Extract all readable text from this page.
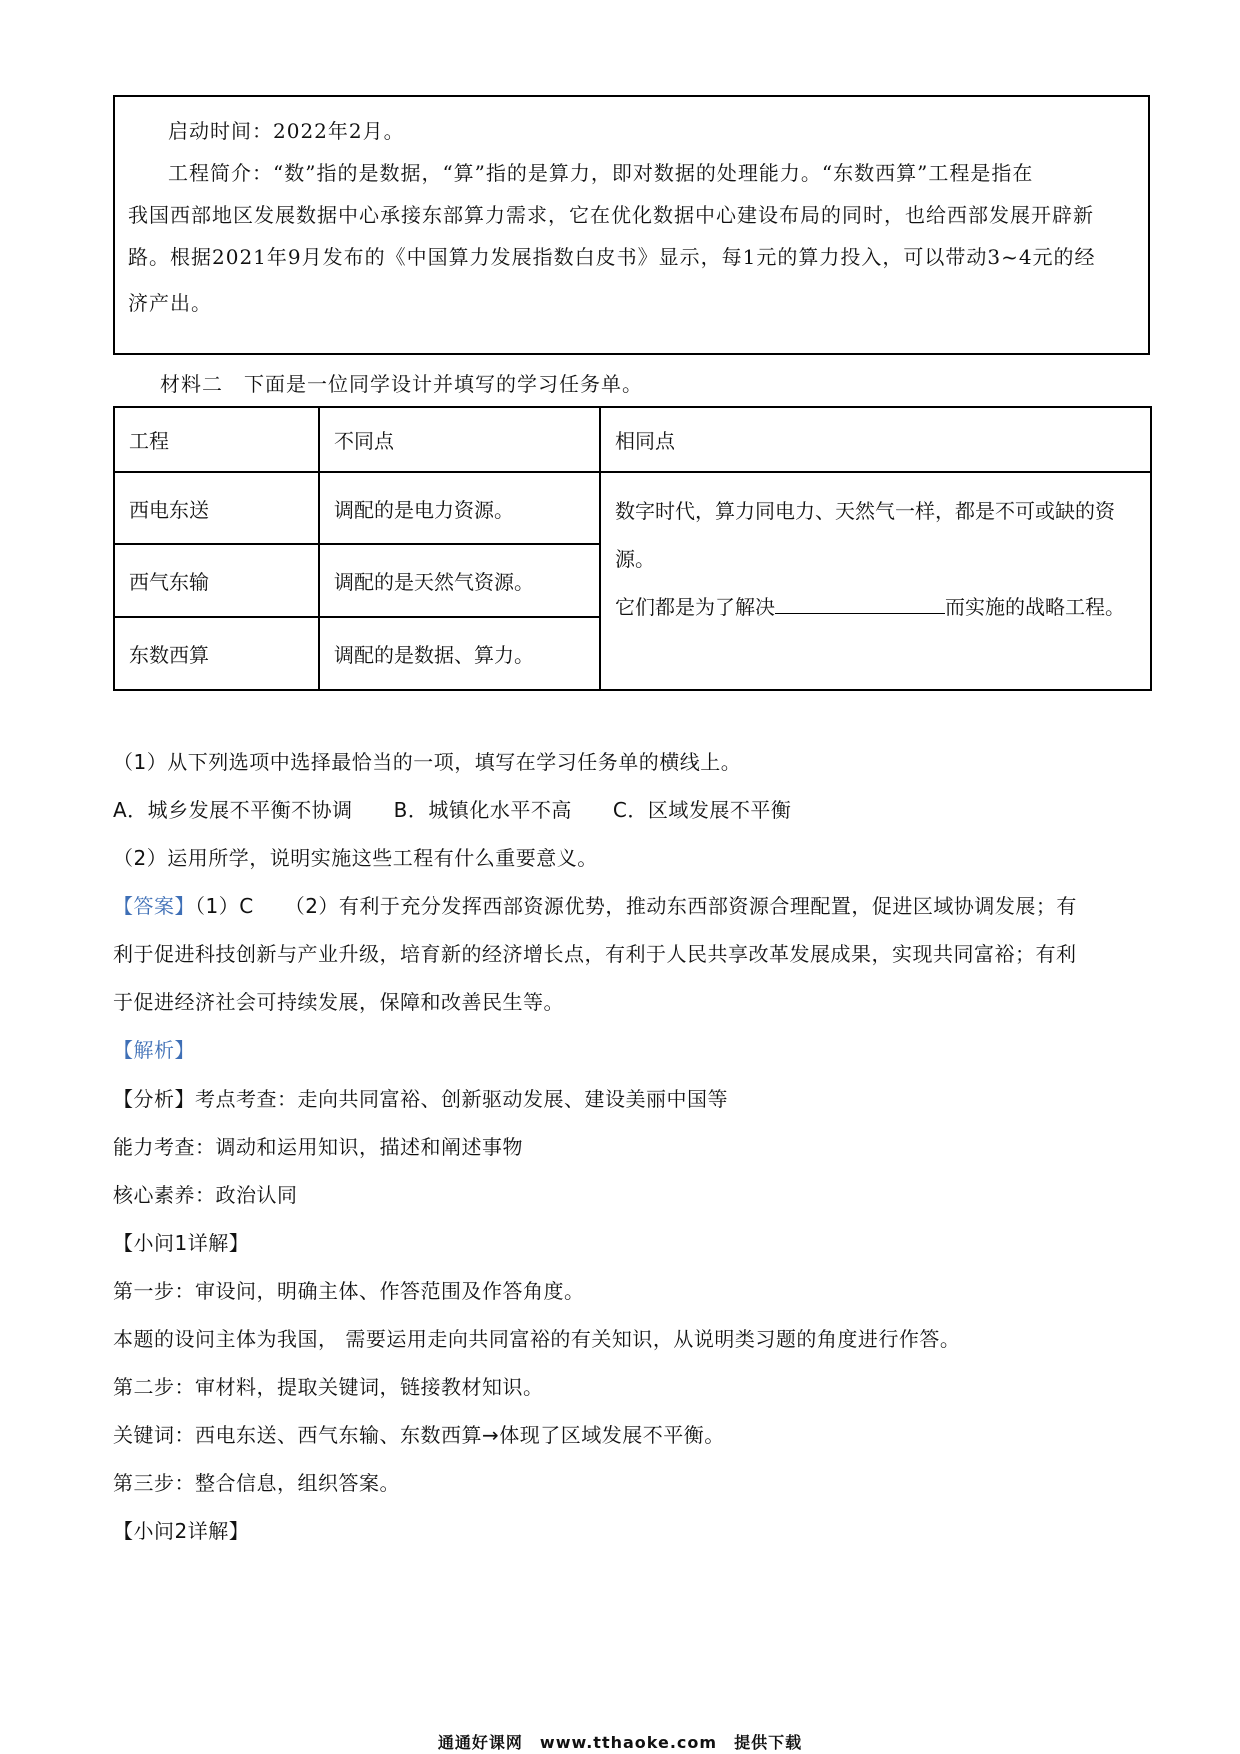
启动时间：2022年2月。

工程简介：“数”指的是数据，“算”指的是算力，即对数据的处理能力。“东数西算”工程是指在

我国西部地区发展数据中心承接东部算力需求，它在优化数据中心建设布局的同时，也给西部发展开辟新

路。根据2021年9月发布的《中国算力发展指数白皮书》显示，每1元的算力投入，可以带动3~4元的经

济产出。

材料二　下面是一位同学设计并填写的学习任务单。

工程	不同点	相同点
西电东送	调配的是电力资源。	数字时代，算力同电力、天然气一样，都是不可或缺的资源。
它们都是为了解决 而实施的战略工程。
西气东输	调配的是天然气资源。	
东数西算	调配的是数据、算力。	

（1）从下列选项中选择最恰当的一项，填写在学习任务单的横线上。

A．城乡发展不平衡不协调　　B．城镇化水平不高　　C．区域发展不平衡

（2）运用所学，说明实施这些工程有什么重要意义。

【答案】（1）C　　（2）有利于充分发挥西部资源优势，推动东西部资源合理配置，促进区域协调发展；有

利于促进科技创新与产业升级，培育新的经济增长点，有利于人民共享改革发展成果，实现共同富裕；有利

于促进经济社会可持续发展，保障和改善民生等。

【解析】

【分析】考点考查：走向共同富裕、创新驱动发展、建设美丽中国等

能力考查：调动和运用知识，描述和阐述事物

核心素养：政治认同

【小问1详解】

第一步：审设问，明确主体、作答范围及作答角度。

本题的设问主体为我国， 需要运用走向共同富裕的有关知识，从说明类习题的角度进行作答。

第二步：审材料，提取关键词，链接教材知识。

关键词：西电东送、西气东输、东数西算→体现了区域发展不平衡。

第三步：整合信息，组织答案。

【小问2详解】

通通好课网　www.tthaoke.com　提供下载
